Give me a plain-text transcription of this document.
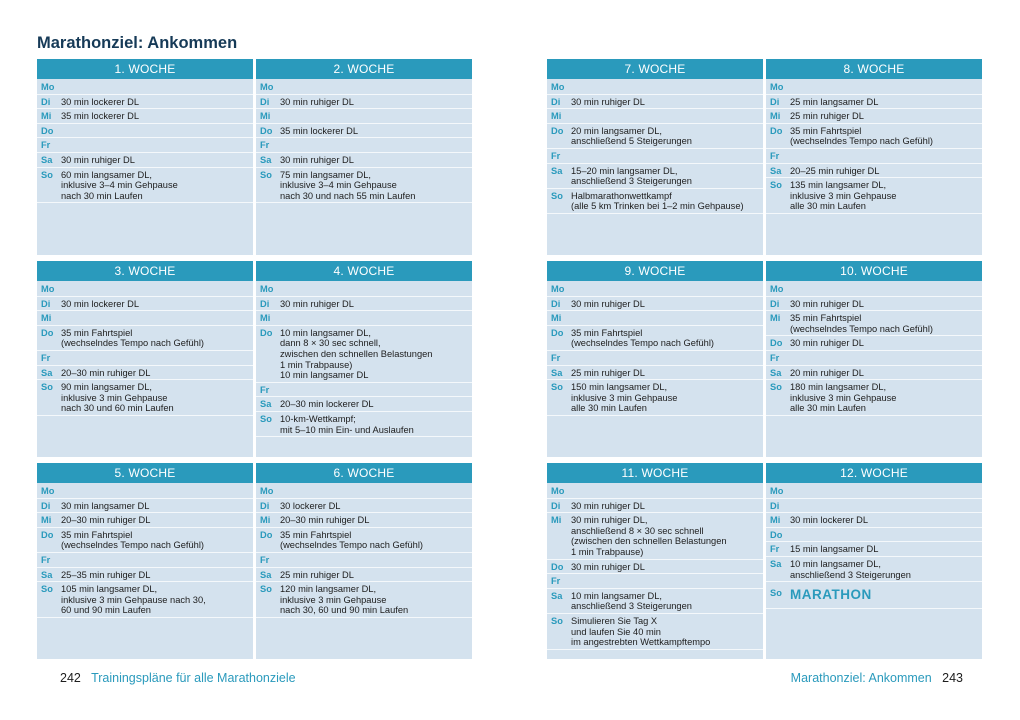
Marathonziel: Ankommen
1. WOCHE
Mo
Di	30 min lockerer DL
Mi	35 min lockerer DL
Do
Fr
Sa 30 min ruhiger DL
So 60 min langsamer DL,
inklusive 3–4 min Gehpause
nach 30 min Laufen
2. WOCHE
Mo
Di	30 min ruhiger DL
Mi
Do 35 min lockerer DL
Fr
Sa 30 min ruhiger DL
So 75 min langsamer DL,
inklusive 3–4 min Gehpause
nach 30 und nach 55 min Laufen
7. WOCHE
Mo
Di	30 min ruhiger DL
Mi
Do 20 min langsamer DL,
anschließend 5 Steigerungen
Fr
Sa 15–20 min langsamer DL,
anschließend 3 Steigerungen
So Halbmarathonwettkampf
(alle 5 km Trinken bei 1–2 min Gehpause)
8. WOCHE
Mo
Di	25 min langsamer DL
Mi	25 min ruhiger DL
Do 35 min Fahrtspiel
(wechselndes Tempo nach Gefühl)
Fr
Sa 20–25 min ruhiger DL
So 135 min langsamer DL,
inklusive 3 min Gehpause
alle 30 min Laufen
3. WOCHE
Mo
Di	30 min lockerer DL
Mi
Do 35 min Fahrtspiel
(wechselndes Tempo nach Gefühl)
Fr
Sa 20–30 min ruhiger DL
So 90 min langsamer DL,
inklusive 3 min Gehpause
nach 30 und 60 min Laufen
4. WOCHE
Mo
Di	30 min ruhiger DL
Mi
Do 10 min langsamer DL,
dann 8 × 30 sec schnell,
zwischen den schnellen Belastungen
1 min Trabpause)
10 min langsamer DL
Fr
Sa 20–30 min lockerer DL
So 10-km-Wettkampf;
mit 5–10 min Ein- und Auslaufen
9. WOCHE
Mo
Di	30 min ruhiger DL
Mi
Do 35 min Fahrtspiel
(wechselndes Tempo nach Gefühl)
Fr
Sa 25 min ruhiger DL
So 150 min langsamer DL,
inklusive 3 min Gehpause
alle 30 min Laufen
10. WOCHE
Mo
Di	30 min ruhiger DL
Mi	35 min Fahrtspiel
(wechselndes Tempo nach Gefühl)
Do 30 min ruhiger DL
Fr
Sa 20 min ruhiger DL
So 180 min langsamer DL,
inklusive 3 min Gehpause
alle 30 min Laufen
5. WOCHE
Mo
Di	30 min langsamer DL
Mi	20–30 min ruhiger DL
Do 35 min Fahrtspiel
(wechselndes Tempo nach Gefühl)
Fr
Sa 25–35 min ruhiger DL
So 105 min langsamer DL,
inklusive 3 min Gehpause nach 30,
60 und 90 min Laufen
6. WOCHE
Mo
Di	30 lockerer DL
Mi	20–30 min ruhiger DL
Do 35 min Fahrtspiel
(wechselndes Tempo nach Gefühl)
Fr
Sa 25 min ruhiger DL
So 120 min langsamer DL,
inklusive 3 min Gehpause
nach 30, 60 und 90 min Laufen
11. WOCHE
Mo
Di	30 min ruhiger DL
Mi	30 min ruhiger DL,
anschließend 8 × 30 sec schnell
(zwischen den schnellen Belastungen
1 min Trabpause)
Do 30 min ruhiger DL
Fr
Sa 10 min langsamer DL,
anschließend 3 Steigerungen
So Simulieren Sie Tag X
und laufen Sie 40 min
im angestrebten Wettkampftempo
12. WOCHE
Mo
Di
Mi	30 min lockerer DL
Do
Fr	15 min langsamer DL
Sa 10 min langsamer DL,
anschließend 3 Steigerungen
So MARATHON
242 Trainingspläne für alle Marathonziele	Marathonziel: Ankommen 243
